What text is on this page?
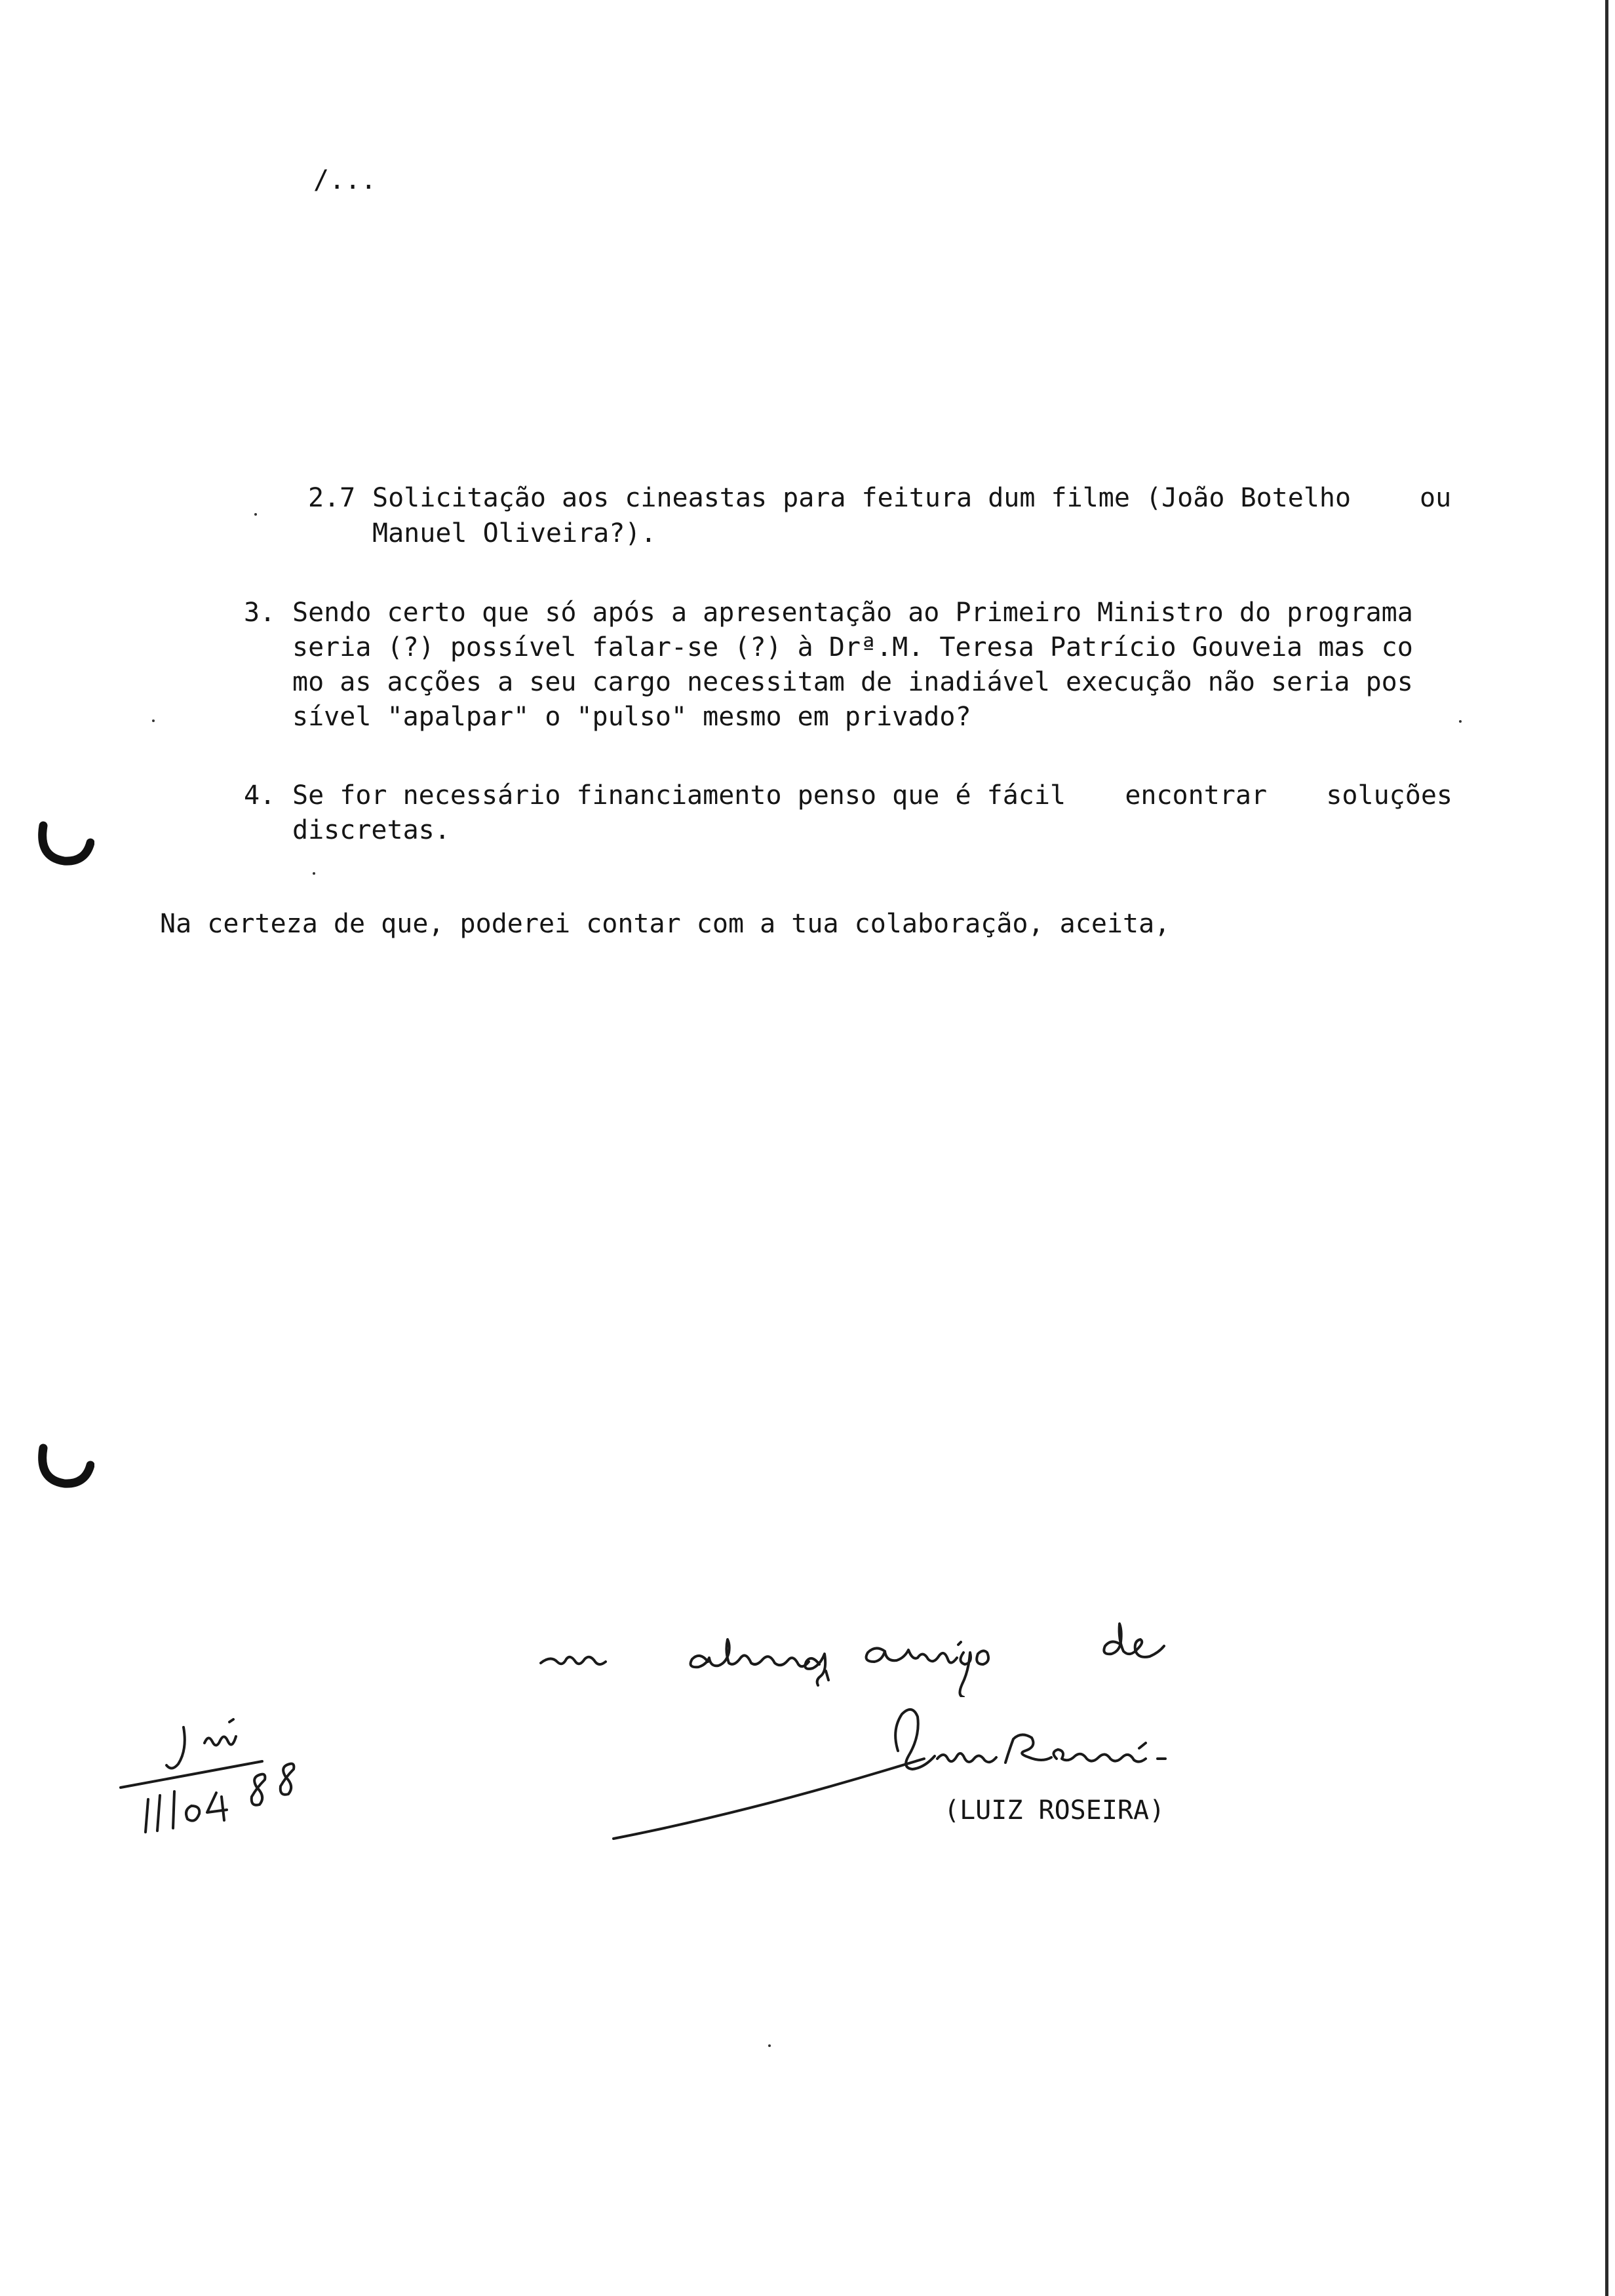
/...
2.7 Solicitação aos cineastas para feitura dum filme (João Botelho	ou
Manuel Oliveira?).
3. Sendo certo que só após a apresentação ao Primeiro Ministro do programa
seria (?) possível falar-se (?) à Drª.M. Teresa Patrício Gouveia mas co
mo as acções a seu cargo necessitam de inadiável execução não seria pos
sível "apalpar" o "pulso" mesmo em privado?
4. Se for necessário financiamento penso que é fácil encontrar soluções
discretas.
Na certeza de que, poderei contar com a tua colaboração, aceita,
(LUIZ ROSEIRA)
